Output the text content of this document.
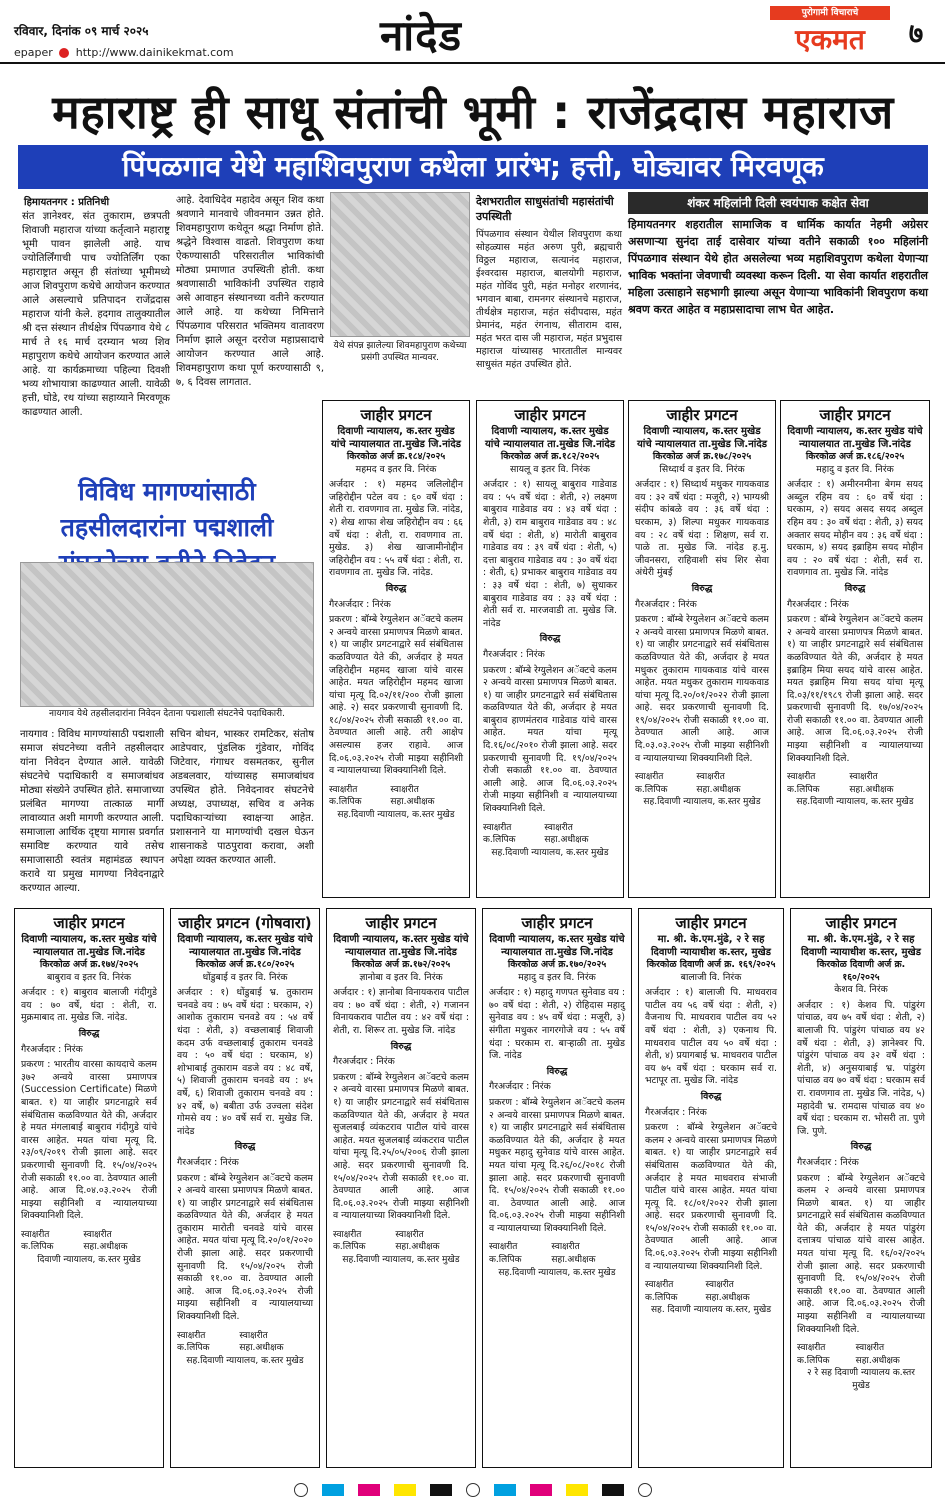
रविवार, दिनांक ०९ मार्च २०२५
epaper http://www.dainikekmat.com	नांदेड	पुरोगामी विचाराचे
एकमत	७
महाराष्ट्र ही साधू संतांची भूमी : राजेंद्रदास महाराज
पिंपळगाव येथे महाशिवपुराण कथेला प्रारंभ; हत्ती, घोड्यावर मिरवणूक
हिमायतनगर : प्रतिनिधी
संत ज्ञानेश्वर, संत तुकाराम, छत्रपती शिवाजी महाराज यांच्या कर्तृत्वाने महाराष्ट्र भूमी पावन झालेली आहे. याच ज्योतिर्लिंगाची पाच ज्योतिर्लिंग एका महाराष्ट्रात असून ही संतांच्या भूमीमध्ये आज शिवपुराण कथेचे आयोजन करण्यात आले असल्याचे प्रतिपादन राजेंद्रदास महाराज यांनी केले. हदगाव तालुक्यातील श्री दत्त संस्थान तीर्थक्षेत्र पिंपळगाव येथे ८ मार्च ते १६ मार्च दरम्यान भव्य शिव महापुराण कथेचे आयोजन करण्यात आले आहे. या कार्यक्रमाच्या पहिल्या दिवशी भव्य शोभायात्रा काढण्यात आली. यावेळी हत्ती, घोडे, रथ यांच्या सहाय्याने मिरवणूक काढण्यात आली.
आहे. देवाधिदेव महादेव असून शिव कथा श्रवणाने मानवाचे जीवनमान उन्नत होते. शिवमहापुराण कथेतून श्रद्धा निर्माण होते. श्रद्धेने विश्वास वाढतो. शिवपुराण कथा ऐकण्यासाठी परिसरातील भाविकांची मोठ्या प्रमाणात उपस्थिती होती. कथा श्रवणासाठी भाविकांनी उपस्थित राहावे असे आवाहन संस्थानच्या वतीने करण्यात आले आहे. या कथेच्या निमित्ताने पिंपळगाव परिसरात भक्तिमय वातावरण निर्माण झाले असून दररोज महाप्रसादाचे आयोजन करण्यात आले आहे. शिवमहापुराण कथा पूर्ण करण्यासाठी ९, ७, ६ दिवस लागतात.
येथे संपन्न झालेल्या शिवमहापुराण कथेच्या प्रसंगी उपस्थित मान्यवर.
देशभरातील साधुसंतांची महासंतांची उपस्थिती
पिंपळगाव संस्थान येथील शिवपुराण कथा सोहळ्यास महंत अरुण पुरी, ब्रह्मचारी विठ्ठल महाराज, सत्यानंद महाराज, ईश्वरदास महाराज, बालयोगी महाराज, महंत गोविंद पुरी, महंत मनोहर शरणानंद, भगवान बाबा, रामनगर संस्थानचे महाराज, तीर्थक्षेत्र महाराज, महंत संदीपदास, महंत प्रेमानंद, महंत रंगनाथ, सीताराम दास, महंत भरत दास जी महाराज, महंत प्रभुदास महाराज यांच्यासह भारतातील मान्यवर साधुसंत महंत उपस्थित होते.
शंकर महिलांनी दिली स्वयंपाक कक्षेत सेवा
हिमायतनगर शहरातील सामाजिक व धार्मिक कार्यात नेहमी अग्रेसर असणाऱ्या सुनंदा ताई दासेवार यांच्या वतीने सकाळी १०० महिलांनी पिंपळगाव संस्थान येथे होत असलेल्या भव्य महाशिवपुराण कथेला येणाऱ्या भाविक भक्तांना जेवणाची व्यवस्था करून दिली. या सेवा कार्यात शहरातील महिला उत्साहाने सहभागी झाल्या असून येणाऱ्या भाविकांनी शिवपुराण कथा श्रवण करत आहेत व महाप्रसादाचा लाभ घेत आहेत.
विविध मागण्यांसाठी तहसीलदारांना पद्मशाली
नायगाव येथे तहसीलदारांना निवेदन देताना पद्मशाली संघटनेचे पदाधिकारी.
नायगाव : विविध मागण्यांसाठी पद्मशाली समाज संघटनेच्या वतीने तहसीलदार यांना निवेदन देण्यात आले. यावेळी संघटनेचे पदाधिकारी व समाजबांधव मोठ्या संख्येने उपस्थित होते. समाजाच्या प्रलंबित मागण्या तात्काळ मार्गी लावाव्यात अशी मागणी करण्यात आली. समाजाला आर्थिक दृष्ट्या मागास प्रवर्गात समाविष्ट करण्यात यावे तसेच समाजासाठी स्वतंत्र महामंडळ स्थापन करावे या प्रमुख मागण्या निवेदनाद्वारे करण्यात आल्या.
सचिन बोधन, भास्कर रामटिकर, संतोष आडेपवार, पुंडलिक गुंडेवार, गोविंद जिटेवार, गंगाधर वसमतकर, सुनील अडबलवार, यांच्यासह समाजबांधव उपस्थित होते. निवेदनावर संघटनेचे अध्यक्ष, उपाध्यक्ष, सचिव व अनेक पदाधिकाऱ्यांच्या स्वाक्षऱ्या आहेत. प्रशासनाने या मागण्यांची दखल घेऊन शासनाकडे पाठपुरावा करावा, अशी अपेक्षा व्यक्त करण्यात आली.
जाहीर प्रगटन
दिवाणी न्यायालय, क.स्तर मुखेड यांचे न्यायालयात ता.मुखेड जि.नांदेड
किरकोळ अर्ज क्र.१८४/२०२५
महमद व इतर वि. निरंक
अर्जदार : १) महमद जलिलोद्दीन जहिरोद्दीन पटेल वय : ६० वर्षे धंदा : शेती रा. रावणगाव ता. मुखेड जि. नांदेड, २) शेख शाफा शेख जहिरोद्दीन वय : ६६ वर्षे धंदा : शेती, रा. रावणगाव ता. मुखेड. ३) शेख खाजामीनोद्दीन जहिरोद्दीन वय : ५५ वर्षे धंदा : शेती, रा. रावणगाव ता. मुखेड जि. नांदेड.
विरुद्ध
गैरअर्जदार : निरंक
प्रकरण : बॉम्बे रेग्युलेशन अॅक्टचे कलम २ अन्वये वारसा प्रमाणपत्र मिळणे बाबत. १) या जाहीर प्रगटनाद्वारे सर्व संबंधितास कळविण्यात येते की, अर्जदार हे मयत जहिरोद्दीन महमद खाजा यांचे वारस आहेत. मयत जहिरोद्दीन महमद खाजा यांचा मृत्यू दि.०२/११/२०० रोजी झाला आहे. २) सदर प्रकरणाची सुनावणी दि. १८/०४/२०२५ रोजी सकाळी ११.०० वा. ठेवण्यात आली आहे. तरी आक्षेप असल्यास हजर राहावे. आज दि.०६.०३.२०२५ रोजी माझ्या सहीनिशी व न्यायालयाच्या शिक्क्यानिशी दिले.
स्वाक्षरीत क.लिपिक
स्वाक्षरीत सहा.अधीक्षक
सह.दिवाणी न्यायालय, क.स्तर मुखेड
जाहीर प्रगटन
दिवाणी न्यायालय, क.स्तर मुखेड यांचे न्यायालयात ता.मुखेड जि.नांदेड
किरकोळ अर्ज क्र.१८२/२०२५
सायलू व इतर वि. निरंक
अर्जदार : १) सायलू बाबुराव गाडेवाड वय : ५५ वर्षे धंदा : शेती, २) लक्ष्मण बाबुराव गाडेवाड वय : ४३ वर्षे धंदा : शेती, ३) राम बाबुराव गाडेवाड वय : ४८ वर्षे धंदा : शेती, ४) मारोती बाबुराव गाडेवाड वय : ३९ वर्षे धंदा : शेती, ५) दत्ता बाबुराव गाडेवाड वय : ३० वर्षे धंदा : शेती, ६) प्रभाकर बाबुराव गाडेवाड वय : ३३ वर्षे धंदा : शेती, ७) सुधाकर बाबुराव गाडेवाड वय : ३३ वर्षे धंदा : शेती सर्व रा. मारजवाडी ता. मुखेड जि. नांदेड
विरुद्ध
गैरअर्जदार : निरंक
प्रकरण : बॉम्बे रेग्युलेशन अॅक्टचे कलम २ अन्वये वारसा प्रमाणपत्र मिळणे बाबत. १) या जाहीर प्रगटनाद्वारे सर्व संबंधितास कळविण्यात येते की, अर्जदार हे मयत बाबुराव हाणमंतराव गाडेवाड यांचे वारस आहेत. मयत यांचा मृत्यू दि.१६/०८/२०१० रोजी झाला आहे. सदर प्रकरणाची सुनावणी दि. १९/०४/२०२५ रोजी सकाळी ११.०० वा. ठेवण्यात आली आहे. आज दि.०६.०३.२०२५ रोजी माझ्या सहीनिशी व न्यायालयाच्या शिक्क्यानिशी दिले.
स्वाक्षरीत क.लिपिक
स्वाक्षरीत सहा.अधीक्षक
सह.दिवाणी न्यायालय, क.स्तर मुखेड
जाहीर प्रगटन
दिवाणी न्यायालय, क.स्तर मुखेड यांचे न्यायालयात ता.मुखेड जि.नांदेड
किरकोळ अर्ज क्र.१७८/२०२५
सिध्दार्थ व इतर वि. निरंक
अर्जदार : १) सिध्दार्थ मधुकर गायकवाड वय : ३२ वर्षे धंदा : मजूरी, २) भाग्यश्री संदीप कांबळे वय : ३६ वर्षे धंदा : घरकाम, ३) शिल्पा मधुकर गायकवाड वय : २८ वर्षे धंदा : शिक्षण, सर्व रा. पाळे ता. मुखेड जि. नांदेड ह.मु. जीवनसरा, राहिवाशी संघ शिर सेवा अंधेरी मुंबई
विरुद्ध
गैरअर्जदार : निरंक
प्रकरण : बॉम्बे रेग्युलेशन अॅक्टचे कलम २ अन्वये वारसा प्रमाणपत्र मिळणे बाबत. १) या जाहीर प्रगटनाद्वारे सर्व संबंधितास कळविण्यात येते की, अर्जदार हे मयत मधुकर तुकाराम गायकवाड यांचे वारस आहेत. मयत मधुकर तुकाराम गायकवाड यांचा मृत्यू दि.२०/०१/२०२२ रोजी झाला आहे. सदर प्रकरणाची सुनावणी दि. १९/०४/२०२५ रोजी सकाळी ११.०० वा. ठेवण्यात आली आहे. आज दि.०३.०३.२०२५ रोजी माझ्या सहीनिशी व न्यायालयाच्या शिक्क्यानिशी दिले.
स्वाक्षरीत क.लिपिक
स्वाक्षरीत सहा.अधीक्षक
सह.दिवाणी न्यायालय, क.स्तर मुखेड
जाहीर प्रगटन
दिवाणी न्यायालय, क.स्तर मुखेड यांचे न्यायालयात ता.मुखेड जि.नांदेड
किरकोळ अर्ज क्र.१८६/२०२५
महादु व इतर वि. निरंक
अर्जदार : १) अमीरनमीना बेगम सयद अब्दुल रहिम वय : ६० वर्षे धंदा : घरकाम, २) सयद असद सयद अब्दुल रहिम वय : ३० वर्षे धंदा : शेती, ३) सयद अक्तार सयद मोहीन वय : ३६ वर्षे धंदा : घरकाम, ४) सयद इब्राहिम सयद मोहीन वय : २० वर्षे धंदा : शेती, सर्व रा. रावणगाव ता. मुखेड जि. नांदेड
विरुद्ध
गैरअर्जदार : निरंक
प्रकरण : बॉम्बे रेग्युलेशन अॅक्टचे कलम २ अन्वये वारसा प्रमाणपत्र मिळणे बाबत. १) या जाहीर प्रगटनाद्वारे सर्व संबंधितास कळविण्यात येते की, अर्जदार हे मयत इब्राहिम मिया सयद यांचे वारस आहेत. मयत इब्राहिम मिया सयद यांचा मृत्यू दि.०३/११/१९८९ रोजी झाला आहे. सदर प्रकरणाची सुनावणी दि. १७/०४/२०२५ रोजी सकाळी ११.०० वा. ठेवण्यात आली आहे. आज दि.०६.०३.२०२५ रोजी माझ्या सहीनिशी व न्यायालयाच्या शिक्क्यानिशी दिले.
स्वाक्षरीत क.लिपिक
स्वाक्षरीत सहा.अधीक्षक
सह.दिवाणी न्यायालय, क.स्तर मुखेड
जाहीर प्रगटन
दिवाणी न्यायालय, क.स्तर मुखेड यांचे न्यायालयात ता.मुखेड जि.नांदेड
किरकोळ अर्ज क्र.१७४/२०२५
बाबुराव व इतर वि. निरंक
अर्जदार : १) बाबुराव बालाजी गंदीगुडे वय : ७० वर्षे, धंदा : शेती, रा. मुक्रमाबाद ता. मुखेड जि. नांदेड.
विरुद्ध
गैरअर्जदार : निरंक
प्रकरण : भारतीय वारसा कायदाचे कलम ३७२ अन्वये वारसा प्रमाणपत्र (Succession Certificate) मिळणे बाबत. १) या जाहीर प्रगटनाद्वारे सर्व संबंधितास कळविण्यात येते की, अर्जदार हे मयत मंगलाबाई बाबुराव गंदीगुडे यांचे वारस आहेत. मयत यांचा मृत्यू दि. २३/०९/२०१९ रोजी झाला आहे. सदर प्रकरणाची सुनावणी दि. १५/०४/२०२५ रोजी सकाळी ११.०० वा. ठेवण्यात आली आहे. आज दि.०४.०३.२०२५ रोजी माझ्या सहीनिशी व न्यायालयाच्या शिक्क्यानिशी दिले.
स्वाक्षरीत क.लिपिक
स्वाक्षरीत सहा.अधीक्षक
दिवाणी न्यायालय, क.स्तर मुखेड
जाहीर प्रगटन (गोषवारा)
दिवाणी न्यायालय, क.स्तर मुखेड यांचे न्यायालयात ता.मुखेड जि.नांदेड
किरकोळ अर्ज क्र.१८०/२०२५
धोंडुबाई व इतर वि. निरंक
अर्जदार : १) धोंडुबाई भ्र. तुकाराम चनवडे वय : ७५ वर्षे धंदा : घरकाम, २) आशोक तुकाराम चनवडे वय : ५४ वर्षे धंदा : शेती, ३) वच्छलाबाई शिवाजी कदम उर्फ वच्छलाबाई तुकाराम चनवडे वय : ५० वर्षे धंदा : घरकाम, ४) शोभाबाई तुकाराम वडजे वय : ४८ वर्षे, ५) शिवाजी तुकाराम चनवडे वय : ४५ वर्षे, ६) शिवाजी तुकाराम चनवडे वय : ४२ वर्षे, ७) बबीता उर्फ उज्वला संदेश गोमसे वय : ४० वर्षे सर्व रा. मुखेड जि. नांदेड
विरुद्ध
गैरअर्जदार : निरंक
प्रकरण : बॉम्बे रेग्युलेशन अॅक्टचे कलम २ अन्वये वारसा प्रमाणपत्र मिळणे बाबत. १) या जाहीर प्रगटनाद्वारे सर्व संबंधितास कळविण्यात येते की, अर्जदार हे मयत तुकाराम मारोती चनवडे यांचे वारस आहेत. मयत यांचा मृत्यू दि.२०/०१/२०२० रोजी झाला आहे. सदर प्रकरणाची सुनावणी दि. १५/०४/२०२५ रोजी सकाळी ११.०० वा. ठेवण्यात आली आहे. आज दि.०६.०३.२०२५ रोजी माझ्या सहीनिशी व न्यायालयाच्या शिक्क्यानिशी दिले.
स्वाक्षरीत क.लिपिक
स्वाक्षरीत सहा.अधीक्षक
सह.दिवाणी न्यायालय, क.स्तर मुखेड
जाहीर प्रगटन
दिवाणी न्यायालय, क.स्तर मुखेड यांचे न्यायालयात ता.मुखेड जि.नांदेड
किरकोळ अर्ज क्र.१७२/२०२५
ज्ञानोबा व इतर वि. निरंक
अर्जदार : १) ज्ञानोबा विनायकराव पाटील वय : ७० वर्षे धंदा : शेती, २) गजानन विनायकराव पाटील वय : ४२ वर्षे धंदा : शेती, रा. शिरूर ता. मुखेड जि. नांदेड
विरुद्ध
गैरअर्जदार : निरंक
प्रकरण : बॉम्बे रेग्युलेशन अॅक्टचे कलम २ अन्वये वारसा प्रमाणपत्र मिळणे बाबत. १) या जाहीर प्रगटनाद्वारे सर्व संबंधितास कळविण्यात येते की, अर्जदार हे मयत सुजलबाई व्यंकटराव पाटील यांचे वारस आहेत. मयत सुजलबाई व्यंकटराव पाटील यांचा मृत्यू दि.२५/०५/२००६ रोजी झाला आहे. सदर प्रकरणाची सुनावणी दि. १५/०४/२०२५ रोजी सकाळी ११.०० वा. ठेवण्यात आली आहे. आज दि.०६.०३.२०२५ रोजी माझ्या सहीनिशी व न्यायालयाच्या शिक्क्यानिशी दिले.
स्वाक्षरीत क.लिपिक
स्वाक्षरीत सहा.अधीक्षक
सह.दिवाणी न्यायालय, क.स्तर मुखेड
जाहीर प्रगटन
दिवाणी न्यायालय, क.स्तर मुखेड यांचे न्यायालयात ता.मुखेड जि.नांदेड
किरकोळ अर्ज क्र.१७०/२०२५
महादु व इतर वि. निरंक
अर्जदार : १) महादु गणपत सुनेवाड वय : ७० वर्षे धंदा : शेती, २) रोहिदास महादु सुनेवाड वय : ४५ वर्षे धंदा : मजूरी, ३) संगीता मधुकर नागरगोजे वय : ५५ वर्षे धंदा : घरकाम रा. बाऱ्हाळी ता. मुखेड जि. नांदेड
विरुद्ध
गैरअर्जदार : निरंक
प्रकरण : बॉम्बे रेग्युलेशन अॅक्टचे कलम २ अन्वये वारसा प्रमाणपत्र मिळणे बाबत. १) या जाहीर प्रगटनाद्वारे सर्व संबंधितास कळविण्यात येते की, अर्जदार हे मयत मधुकर महादु सुनेवाड यांचे वारस आहेत. मयत यांचा मृत्यू दि.२६/०८/२०१८ रोजी झाला आहे. सदर प्रकरणाची सुनावणी दि. १५/०४/२०२५ रोजी सकाळी ११.०० वा. ठेवण्यात आली आहे. आज दि.०६.०३.२०२५ रोजी माझ्या सहीनिशी व न्यायालयाच्या शिक्क्यानिशी दिले.
स्वाक्षरीत क.लिपिक
स्वाक्षरीत सहा.अधीक्षक
सह.दिवाणी न्यायालय, क.स्तर मुखेड
जाहीर प्रगटन
मा. श्री. के.एम.मुंढे, २ रे सह दिवाणी न्यायाधीश क.स्तर, मुखेड
किरकोळ दिवाणी अर्ज क्र. १६९/२०२५
बालाजी वि. निरंक
अर्जदार : १) बालाजी पि. माधवराव पाटील वय ५६ वर्षे धंदा : शेती, २) वैजनाथ पि. माधवराव पाटील वय ५२ वर्षे धंदा : शेती, ३) एकनाथ पि. माधवराव पाटील वय ५० वर्षे धंदा : शेती, ४) प्रयागबाई भ्र. माधवराव पाटील वय ७५ वर्षे धंदा : घरकाम सर्व रा. भटापूर ता. मुखेड जि. नांदेड
विरुद्ध
गैरअर्जदार : निरंक
प्रकरण : बॉम्बे रेग्युलेशन अॅक्टचे कलम २ अन्वये वारसा प्रमाणपत्र मिळणे बाबत. १) या जाहीर प्रगटनाद्वारे सर्व संबंधितास कळविण्यात येते की, अर्जदार हे मयत माधवराव संभाजी पाटील यांचे वारस आहेत. मयत यांचा मृत्यू दि. १८/०१/२०२२ रोजी झाला आहे. सदर प्रकरणाची सुनावणी दि. १५/०४/२०२५ रोजी सकाळी ११.०० वा. ठेवण्यात आली आहे. आज दि.०६.०३.२०२५ रोजी माझ्या सहीनिशी व न्यायालयाच्या शिक्क्यानिशी दिले.
स्वाक्षरीत क.लिपिक
स्वाक्षरीत सहा.अधीक्षक
सह. दिवाणी न्यायालय क.स्तर, मुखेड
जाहीर प्रगटन
मा. श्री. के.एम.मुंढे, २ रे सह दिवाणी न्यायाधीश क.स्तर, मुखेड
किरकोळ दिवाणी अर्ज क्र. १६०/२०२५
केशव वि. निरंक
अर्जदार : १) केशव पि. पांडुरंग पांचाळ, वय ७५ वर्षे धंदा : शेती, २) बालाजी पि. पांडुरंग पांचाळ वय ४२ वर्षे धंदा : शेती, ३) ज्ञानेश्वर पि. पांडुरंग पांचाळ वय ३२ वर्षे धंदा : शेती, ४) अनुसयाबाई भ्र. पांडुरंग पांचाळ वय ७० वर्षे धंदा : घरकाम सर्व रा. रावणगाव ता. मुखेड जि. नांदेड, ५) महादेवी भ्र. रामदास पांचाळ वय ४० वर्षे धंदा : घरकाम रा. भोसरी ता. पुणे जि. पुणे.
विरुद्ध
गैरअर्जदार : निरंक
प्रकरण : बॉम्बे रेग्युलेशन अॅक्टचे कलम २ अन्वये वारसा प्रमाणपत्र मिळणे बाबत. १) या जाहीर प्रगटनाद्वारे सर्व संबंधितास कळविण्यात येते की, अर्जदार हे मयत पांडुरंग दत्तात्रय पांचाळ यांचे वारस आहेत. मयत यांचा मृत्यू दि. १६/०२/२०२५ रोजी झाला आहे. सदर प्रकरणाची सुनावणी दि. १५/०४/२०२५ रोजी सकाळी ११.०० वा. ठेवण्यात आली आहे. आज दि.०६.०३.२०२५ रोजी माझ्या सहीनिशी व न्यायालयाच्या शिक्क्यानिशी दिले.
स्वाक्षरीत क.लिपिक
स्वाक्षरीत सहा.अधीक्षक
२ रे सह दिवाणी न्यायालय क.स्तर मुखेड
